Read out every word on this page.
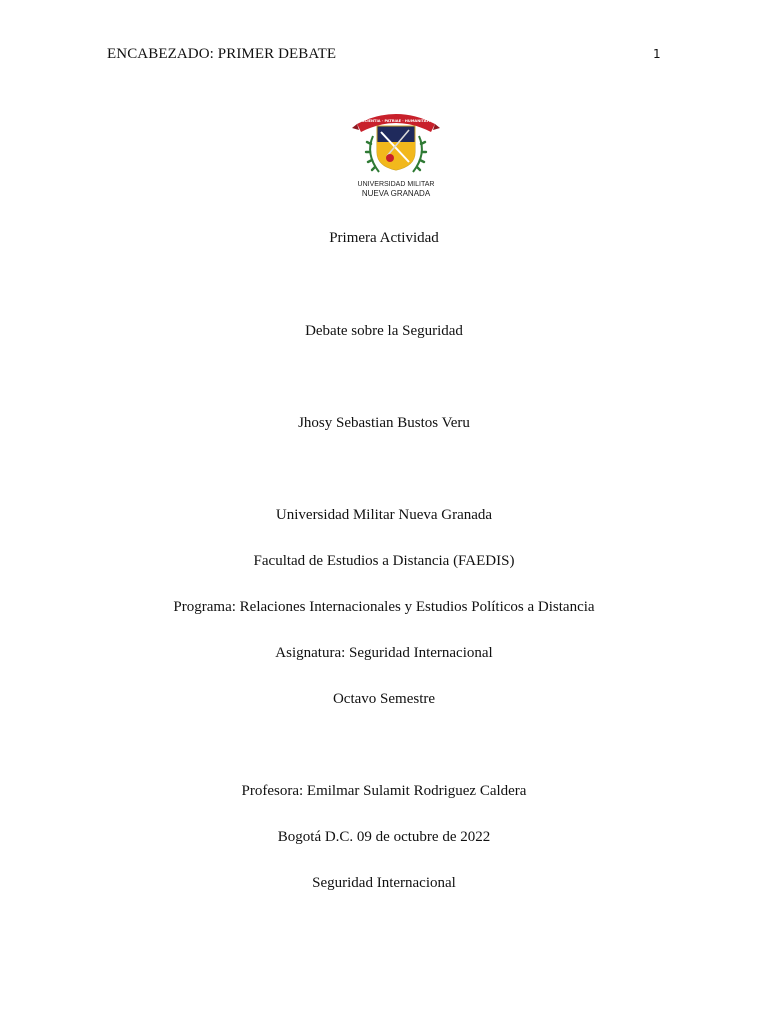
ENCABEZADO: PRIMER DEBATE	1
SCIENTIA · PATRIAE · HUMANITATI
UNIVERSIDAD MILITAR
NUEVA GRANADA
Primera Actividad
Debate sobre la Seguridad
Jhosy Sebastian Bustos Veru
Universidad Militar Nueva Granada
Facultad de Estudios a Distancia (FAEDIS)
Programa: Relaciones Internacionales y Estudios Políticos a Distancia
Asignatura: Seguridad Internacional
Octavo Semestre
Profesora: Emilmar Sulamit Rodriguez Caldera
Bogotá D.C. 09 de octubre de 2022
Seguridad Internacional
